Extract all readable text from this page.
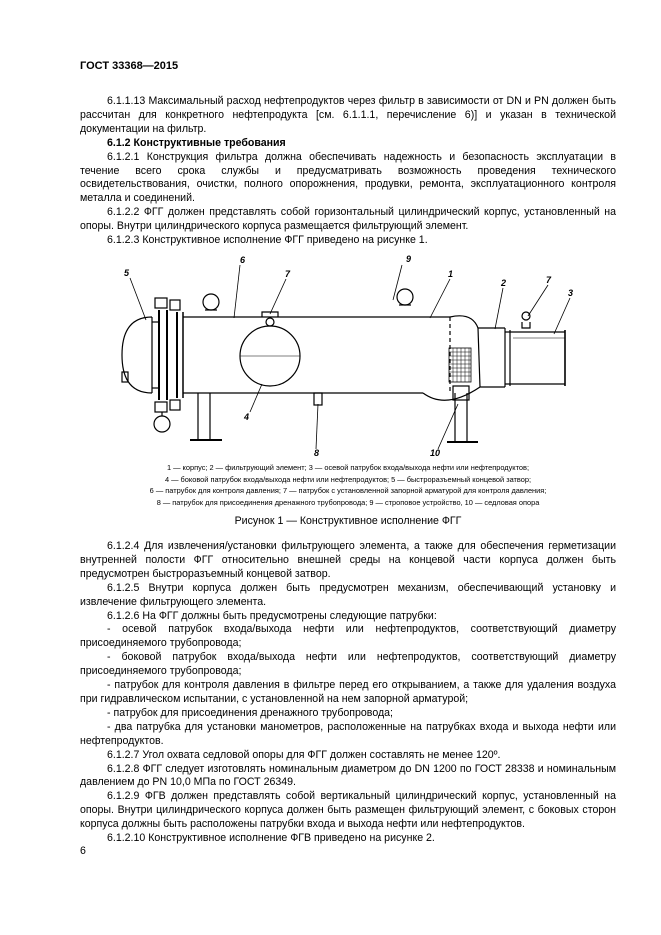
ГОСТ 33368—2015

6.1.1.13 Максимальный расход нефтепродуктов через фильтр в зависимости от DN и PN должен быть рассчитан для конкретного нефтепродукта [см. 6.1.1.1, перечисление 6)] и указан в технической документации на фильтр.

6.1.2 Конструктивные требования

6.1.2.1 Конструкция фильтра должна обеспечивать надежность и безопасность эксплуатации в течение всего срока службы и предусматривать возможность проведения технического освидетельствования, очистки, полного опорожнения, продувки, ремонта, эксплуатационного контроля металла и соединений.

6.1.2.2 ФГГ должен представлять собой горизонтальный цилиндрический корпус, установленный на опоры. Внутри цилиндрического корпуса размещается фильтрующий элемент.

6.1.2.3 Конструктивное исполнение ФГГ приведено на рисунке 1.

5
6
7
9
1
2	7
3
4
8	10
1 — корпус; 2 — фильтрующий элемент; 3 — осевой патрубок входа/выхода нефти или нефтепродуктов;
4 — боковой патрубок входа/выхода нефти или нефтепродуктов; 5 — быстроразъемный концевой затвор;
6 — патрубок для контроля давления; 7 — патрубок с установленной запорной арматурой для контроля давления;
8 — патрубок для присоединения дренажного трубопровода; 9 — строповое устройство, 10 — седловая опора
Рисунок 1 — Конструктивное исполнение ФГГ

6.1.2.4 Для извлечения/установки фильтрующего элемента, а также для обеспечения герметизации внутренней полости ФГГ относительно внешней среды на концевой части корпуса должен быть предусмотрен быстроразъемный концевой затвор.

6.1.2.5 Внутри корпуса должен быть предусмотрен механизм, обеспечивающий установку и извлечение фильтрующего элемента.

6.1.2.6 На ФГГ должны быть предусмотрены следующие патрубки:

- осевой патрубок входа/выхода нефти или нефтепродуктов, соответствующий диаметру присоединяемого трубопровода;

- боковой патрубок входа/выхода нефти или нефтепродуктов, соответствующий диаметру присоединяемого трубопровода;

- патрубок для контроля давления в фильтре перед его открыванием, а также для удаления воздуха при гидравлическом испытании, с установленной на нем запорной арматурой;

- патрубок для присоединения дренажного трубопровода;

- два патрубка для установки манометров, расположенные на патрубках входа и выхода нефти или нефтепродуктов.

6.1.2.7 Угол охвата седловой опоры для ФГГ должен составлять не менее 120º.

6.1.2.8 ФГГ следует изготовлять номинальным диаметром до DN 1200 по ГОСТ 28338 и номинальным давлением до PN 10,0 МПа по ГОСТ 26349.

6.1.2.9 ФГВ должен представлять собой вертикальный цилиндрический корпус, установленный на опоры. Внутри цилиндрического корпуса должен быть размещен фильтрующий элемент, с боковых сторон корпуса должны быть расположены патрубки входа и выхода нефти или нефтепродуктов.

6.1.2.10 Конструктивное исполнение ФГВ приведено на рисунке 2.

6
